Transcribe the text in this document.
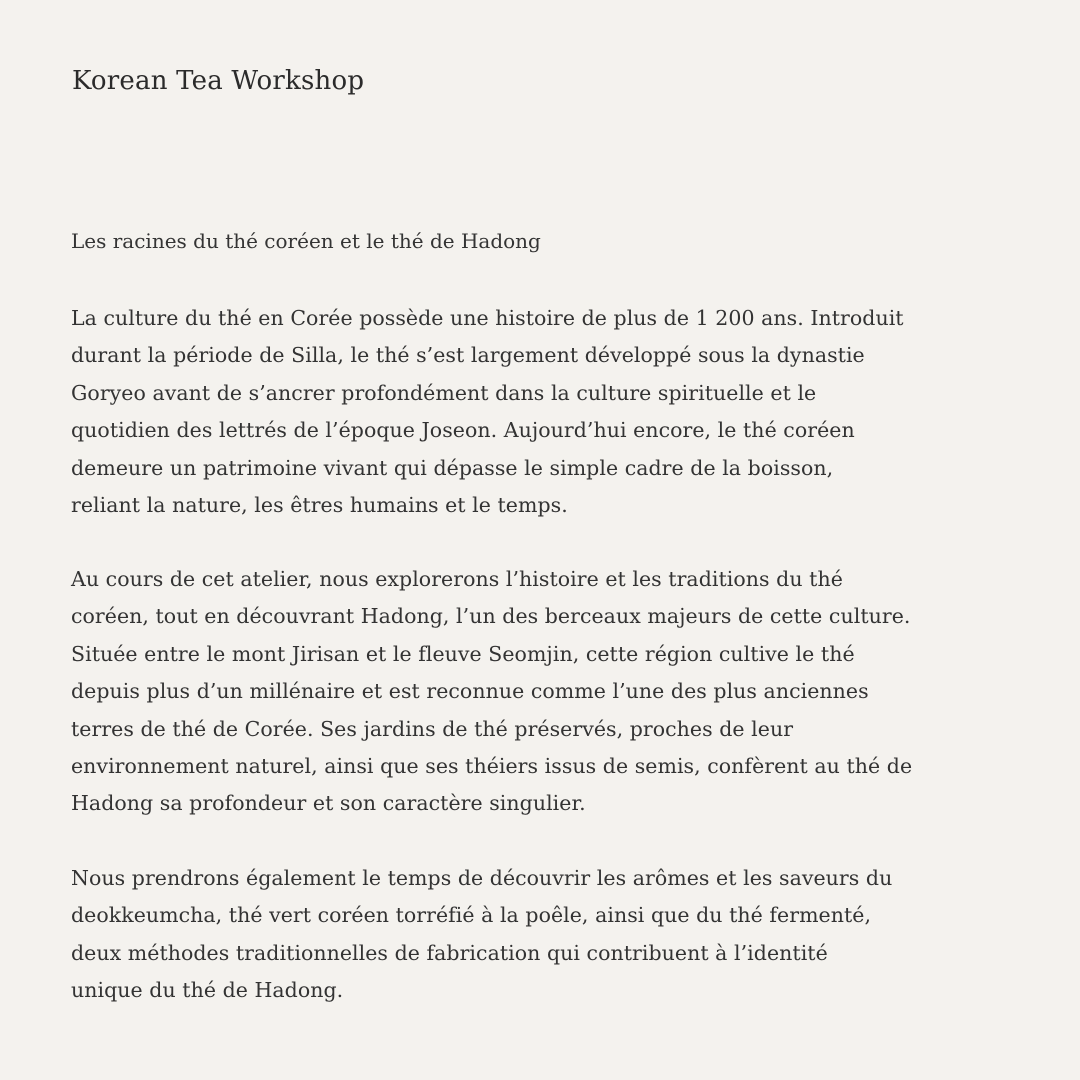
Korean Tea Workshop
Les racines du thé coréen et le thé de Hadong

La culture du thé en Corée possède une histoire de plus de 1 200 ans. Introduit
durant la période de Silla, le thé s’est largement développé sous la dynastie
Goryeo avant de s’ancrer profondément dans la culture spirituelle et le
quotidien des lettrés de l’époque Joseon. Aujourd’hui encore, le thé coréen
demeure un patrimoine vivant qui dépasse le simple cadre de la boisson,
reliant la nature, les êtres humains et le temps.

Au cours de cet atelier, nous explorerons l’histoire et les traditions du thé
coréen, tout en découvrant Hadong, l’un des berceaux majeurs de cette culture.
Située entre le mont Jirisan et le fleuve Seomjin, cette région cultive le thé
depuis plus d’un millénaire et est reconnue comme l’une des plus anciennes
terres de thé de Corée. Ses jardins de thé préservés, proches de leur
environnement naturel, ainsi que ses théiers issus de semis, confèrent au thé de
Hadong sa profondeur et son caractère singulier.

Nous prendrons également le temps de découvrir les arômes et les saveurs du
deokkeumcha, thé vert coréen torréfié à la poêle, ainsi que du thé fermenté,
deux méthodes traditionnelles de fabrication qui contribuent à l’identité
unique du thé de Hadong.
